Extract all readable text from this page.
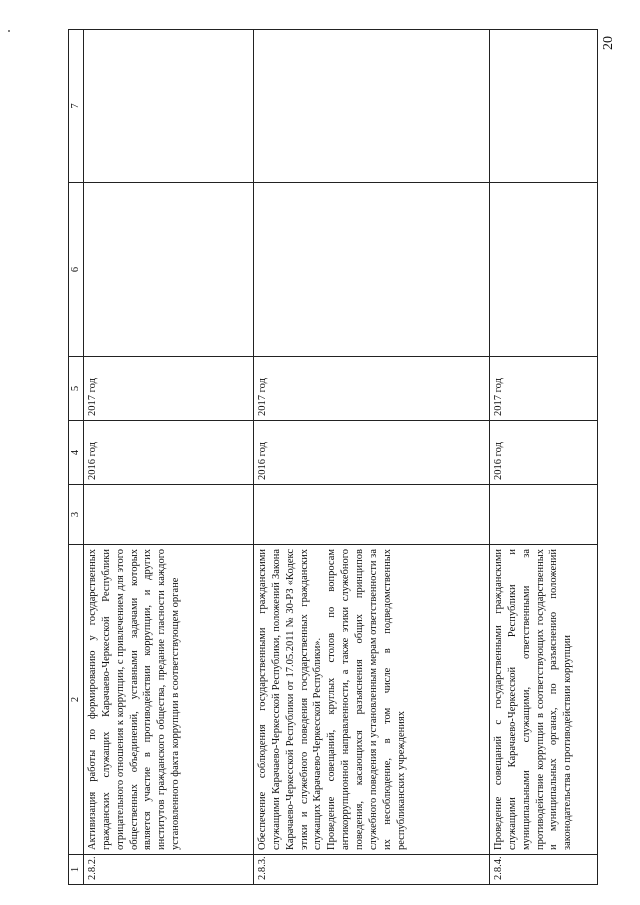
20
1	2	3	4	5	6	7
2.8.2.	Активизация работы по формированию у государственных гражданских служащих Карачаево-Черкесской Республики отрицательного отношения к коррупции, с привлечением для этого общественных объединений, уставными задачами которых является участие в противодействии коррупции, и других институтов гражданского общества, предание гласности каждого установленного факта коррупции в соответствующем органе		2016 год	2017 год		
2.8.3.	Обеспечение соблюдения государственными гражданскими служащими Карачаево-Черкесской Республики, положений Закона Карачаево-Черкесской Республики от 17.05.2011 № 30-РЗ «Кодекс этики и служебного поведения государственных гражданских служащих Карачаево-Черкесской Республики». Проведение совещаний, круглых столов по вопросам антикоррупционной направленности, а также этики служебного поведения, касающихся разъяснения общих принципов служебного поведения и установленным мерам ответственности за их несоблюдение, в том числе в подведомственных республиканских учреждениях		2016 год	2017 год		
2.8.4.	Проведение совещаний с государственными гражданскими служащими Карачаево-Черкесской Республики и муниципальными служащими, ответственными за противодействие коррупции в соответствующих государственных и муниципальных органах, по разъяснению положений законодательства о противодействии коррупции		2016 год	2017 год		
